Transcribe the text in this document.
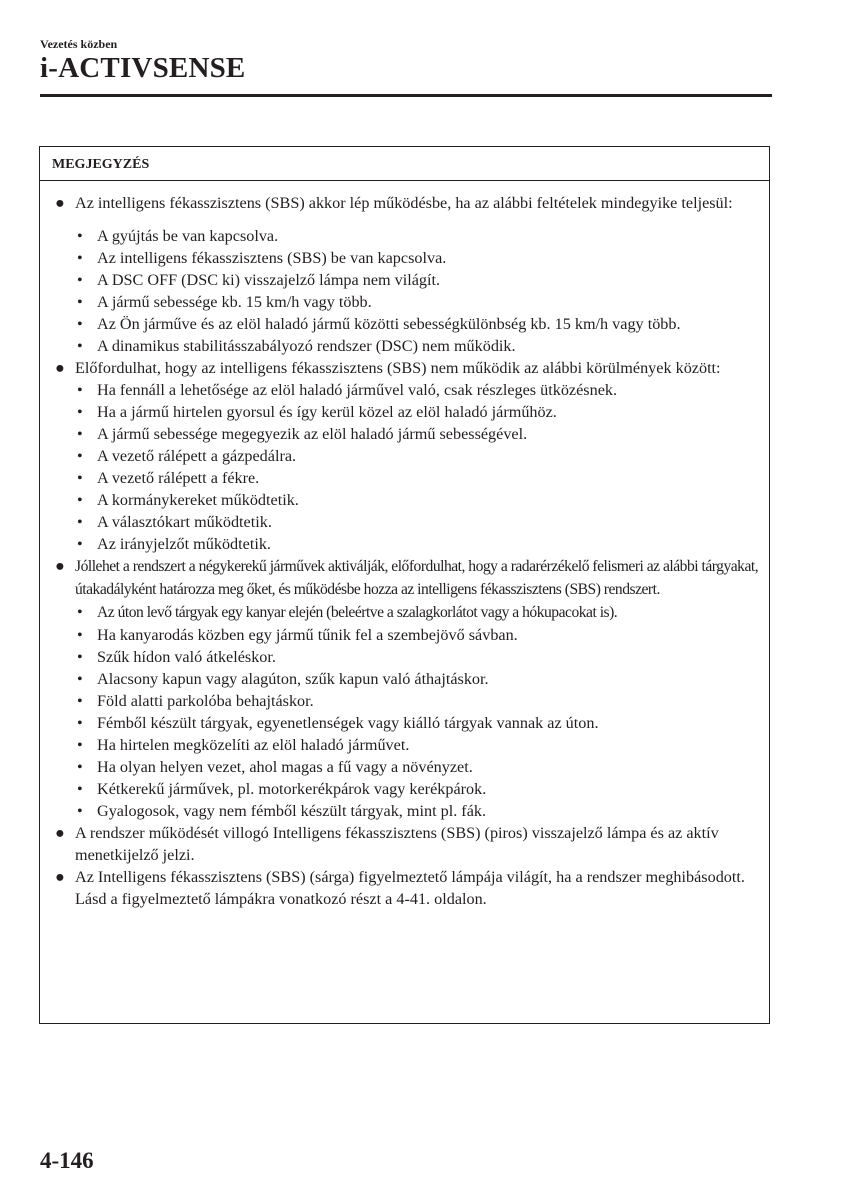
Vezetés közben
i-ACTIVSENSE
MEGJEGYZÉS
● Az intelligens fékasszisztens (SBS) akkor lép működésbe, ha az alábbi feltételek mindegyike teljesül:
• A gyújtás be van kapcsolva.
• Az intelligens fékasszisztens (SBS) be van kapcsolva.
• A DSC OFF (DSC ki) visszajelző lámpa nem világít.
• A jármű sebessége kb. 15 km/h vagy több.
• Az Ön járműve és az elöl haladó jármű közötti sebességkülönbség kb. 15 km/h vagy több.
• A dinamikus stabilitásszabályozó rendszer (DSC) nem működik.
● Előfordulhat, hogy az intelligens fékasszisztens (SBS) nem működik az alábbi körülmények között:
• Ha fennáll a lehetősége az elöl haladó járművel való, csak részleges ütközésnek.
• Ha a jármű hirtelen gyorsul és így kerül közel az elöl haladó járműhöz.
• A jármű sebessége megegyezik az elöl haladó jármű sebességével.
• A vezető rálépett a gázpedálra.
• A vezető rálépett a fékre.
• A kormánykereket működtetik.
• A választókart működtetik.
• Az irányjelzőt működtetik.
● Jóllehet a rendszert a négykerekű járművek aktiválják, előfordulhat, hogy a radarérzékelő felismeri az alábbi tárgyakat, útakadályként határozza meg őket, és működésbe hozza az intelligens fékasszisztens (SBS) rendszert.
• Az úton levő tárgyak egy kanyar elején (beleértve a szalagkorlátot vagy a hókupacokat is).
• Ha kanyarodás közben egy jármű tűnik fel a szembejövő sávban.
• Szűk hídon való átkeléskor.
• Alacsony kapun vagy alagúton, szűk kapun való áthajtáskor.
• Föld alatti parkolóba behajtáskor.
• Fémből készült tárgyak, egyenetlenségek vagy kiálló tárgyak vannak az úton.
• Ha hirtelen megközelíti az elöl haladó járművet.
• Ha olyan helyen vezet, ahol magas a fű vagy a növényzet.
• Kétkerekű járművek, pl. motorkerékpárok vagy kerékpárok.
• Gyalogosok, vagy nem fémből készült tárgyak, mint pl. fák.
● A rendszer működését villogó Intelligens fékasszisztens (SBS) (piros) visszajelző lámpa és az aktív menetkijelző jelzi.
● Az Intelligens fékasszisztens (SBS) (sárga) figyelmeztető lámpája világít, ha a rendszer meghibásodott.
Lásd a figyelmeztető lámpákra vonatkozó részt a 4-41. oldalon.
4-146
